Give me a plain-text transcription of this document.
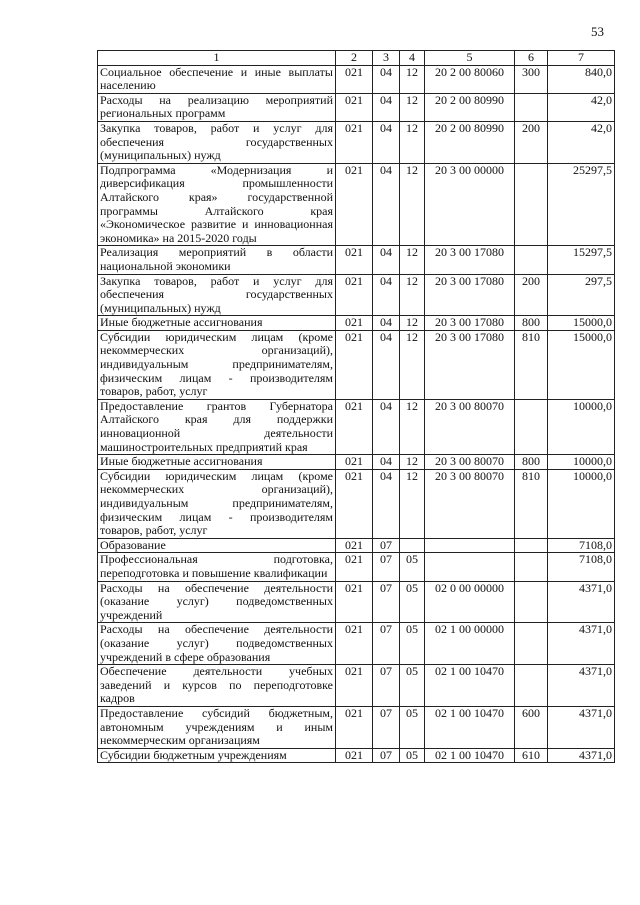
53
1	2	3	4	5	6	7
Социальное обеспечение и иные выплаты населению	021	04	12	20 2 00 80060	300	840,0
Расходы на реализацию мероприятий региональных программ	021	04	12	20 2 00 80990		42,0
Закупка товаров, работ и услуг для обеспечения государственных (муниципальных) нужд	021	04	12	20 2 00 80990	200	42,0
Подпрограмма «Модернизация и диверсификация промышленности Алтайского края» государственной программы Алтайского края «Экономическое развитие и инновационная экономика» на 2015-2020 годы	021	04	12	20 3 00 00000		25297,5
Реализация мероприятий в области национальной экономики	021	04	12	20 3 00 17080		15297,5
Закупка товаров, работ и услуг для обеспечения государственных (муниципальных) нужд	021	04	12	20 3 00 17080	200	297,5
Иные бюджетные ассигнования	021	04	12	20 3 00 17080	800	15000,0
Субсидии юридическим лицам (кроме некоммерческих организаций), индивидуальным предпринимателям, физическим лицам - производителям товаров, работ, услуг	021	04	12	20 3 00 17080	810	15000,0
Предоставление грантов Губернатора Алтайского края для поддержки инновационной деятельности машиностроительных предприятий края	021	04	12	20 3 00 80070		10000,0
Иные бюджетные ассигнования	021	04	12	20 3 00 80070	800	10000,0
Субсидии юридическим лицам (кроме некоммерческих организаций), индивидуальным предпринимателям, физическим лицам - производителям товаров, работ, услуг	021	04	12	20 3 00 80070	810	10000,0
Образование	021	07				7108,0
Профессиональная подготовка, переподготовка и повышение квалификации	021	07	05			7108,0
Расходы на обеспечение деятельности (оказание услуг) подведомственных учреждений	021	07	05	02 0 00 00000		4371,0
Расходы на обеспечение деятельности (оказание услуг) подведомственных учреждений в сфере образования	021	07	05	02 1 00 00000		4371,0
Обеспечение деятельности учебных заведений и курсов по переподготовке кадров	021	07	05	02 1 00 10470		4371,0
Предоставление субсидий бюджетным, автономным учреждениям и иным некоммерческим организациям	021	07	05	02 1 00 10470	600	4371,0
Субсидии бюджетным учреждениям	021	07	05	02 1 00 10470	610	4371,0
